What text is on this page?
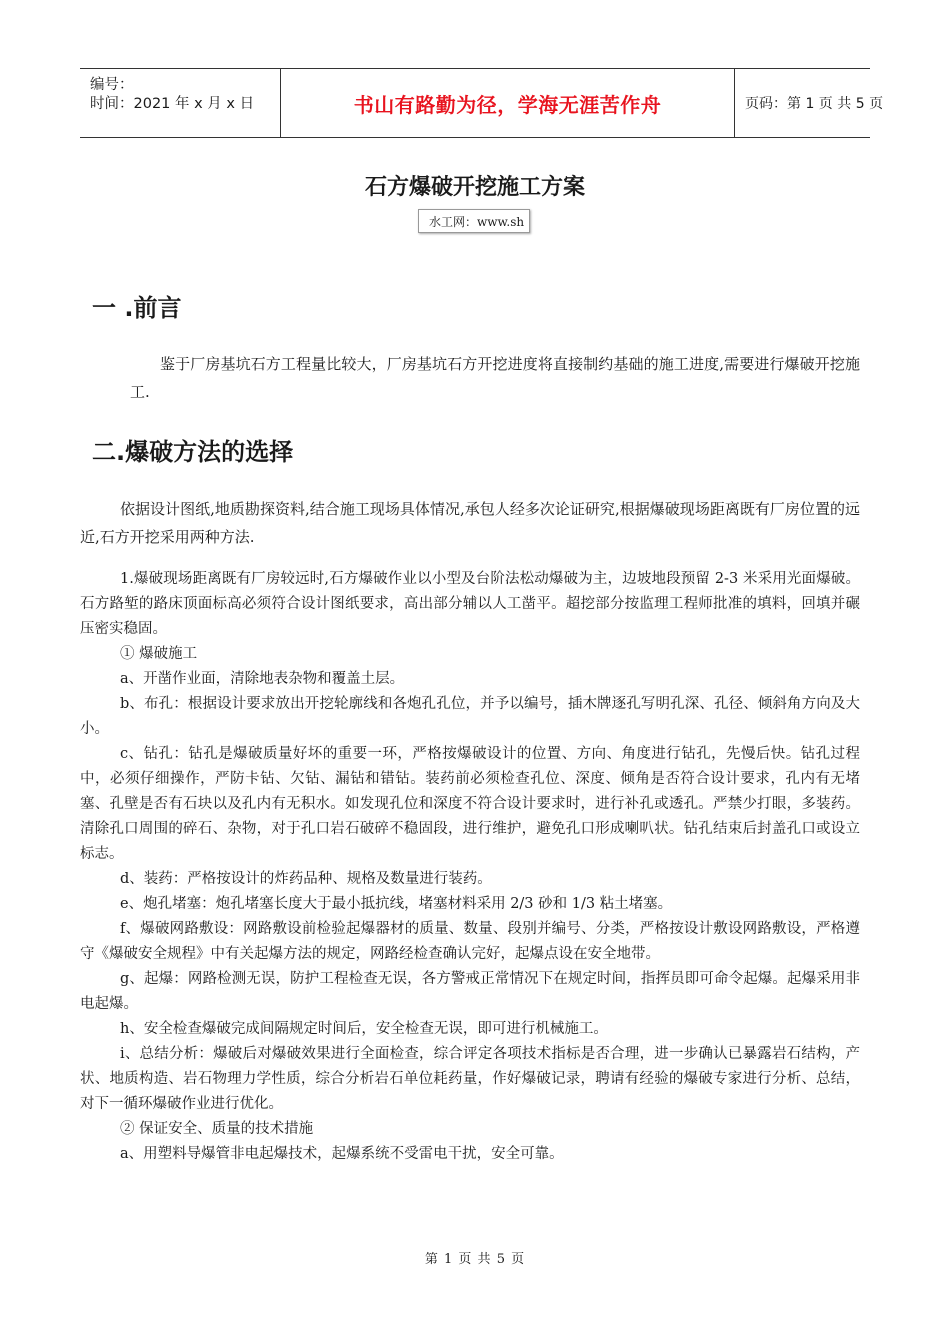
编号：
时间：2021 年 x 月 x 日	书山有路勤为径，学海无涯苦作舟	页码：第 1 页 共 5 页
石方爆破开挖施工方案
水工网：www.sh
一 .前言
鉴于厂房基坑石方工程量比较大，厂房基坑石方开挖进度将直接制约基础的施工进度,需要进行爆破开挖施工.
二.爆破方法的选择
依据设计图纸,地质勘探资料,结合施工现场具体情况,承包人经多次论证研究,根据爆破现场距离既有厂房位置的远近,石方开挖采用两种方法.

1.爆破现场距离既有厂房较远时,石方爆破作业以小型及台阶法松动爆破为主，边坡地段预留 2-3 米采用光面爆破。石方路堑的路床顶面标高必须符合设计图纸要求，高出部分辅以人工凿平。超挖部分按监理工程师批准的填料，回填并碾压密实稳固。

① 爆破施工

a、开凿作业面，清除地表杂物和覆盖土层。

b、布孔：根据设计要求放出开挖轮廓线和各炮孔孔位，并予以编号，插木牌逐孔写明孔深、孔径、倾斜角方向及大小。

c、钻孔：钻孔是爆破质量好坏的重要一环，严格按爆破设计的位置、方向、角度进行钻孔，先慢后快。钻孔过程中，必须仔细操作，严防卡钻、欠钻、漏钻和错钻。装药前必须检查孔位、深度、倾角是否符合设计要求，孔内有无堵塞、孔壁是否有石块以及孔内有无积水。如发现孔位和深度不符合设计要求时，进行补孔或透孔。严禁少打眼，多装药。清除孔口周围的碎石、杂物，对于孔口岩石破碎不稳固段，进行维护，避免孔口形成喇叭状。钻孔结束后封盖孔口或设立标志。

d、装药：严格按设计的炸药品种、规格及数量进行装药。

e、炮孔堵塞：炮孔堵塞长度大于最小抵抗线，堵塞材料采用 2/3 砂和 1/3 粘土堵塞。

f、爆破网路敷设：网路敷设前检验起爆器材的质量、数量、段别并编号、分类，严格按设计敷设网路敷设，严格遵守《爆破安全规程》中有关起爆方法的规定，网路经检查确认完好，起爆点设在安全地带。

g、起爆：网路检测无误，防护工程检查无误，各方警戒正常情况下在规定时间，指挥员即可命令起爆。起爆采用非电起爆。

h、安全检查爆破完成间隔规定时间后，安全检查无误，即可进行机械施工。

i、总结分析：爆破后对爆破效果进行全面检查，综合评定各项技术指标是否合理，进一步确认已暴露岩石结构，产状、地质构造、岩石物理力学性质，综合分析岩石单位耗药量，作好爆破记录，聘请有经验的爆破专家进行分析、总结，对下一循环爆破作业进行优化。

② 保证安全、质量的技术措施

a、用塑料导爆管非电起爆技术，起爆系统不受雷电干扰，安全可靠。

第 1 页 共 5 页
